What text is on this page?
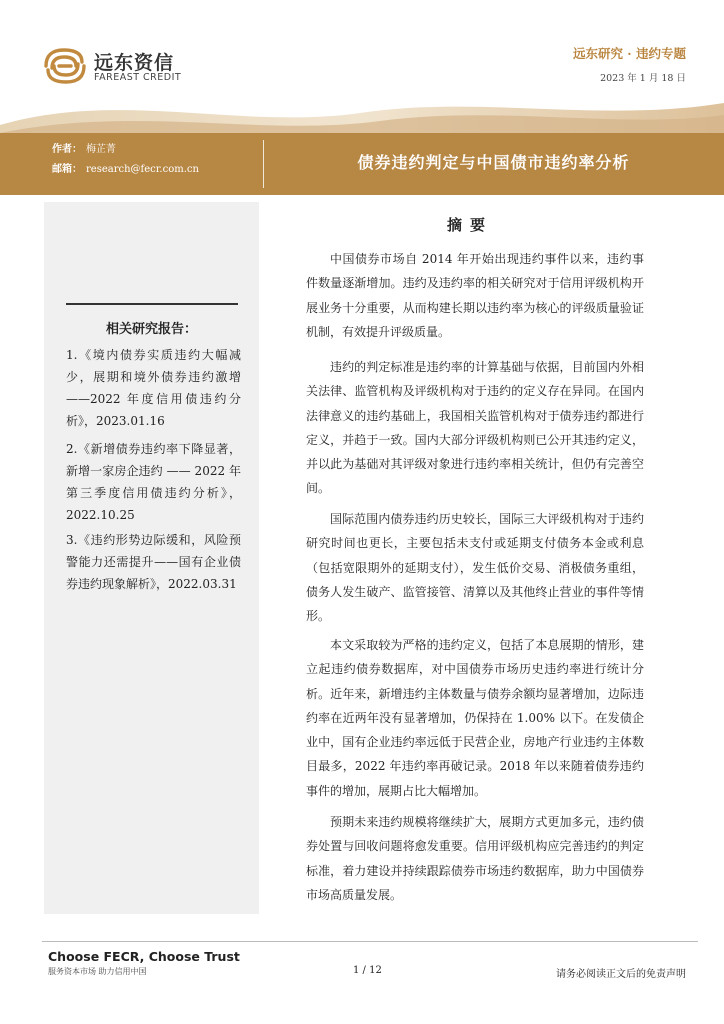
远东资信
FAREAST CREDIT
远东研究 · 违约专题
2023 年 1 月 18 日
作者： 梅芷菁
邮箱： research@fecr.com.cn	债券违约判定与中国债市违约率分析
相关研究报告：
1.《境内债券实质违约大幅减少，展期和境外债券违约激增——2022 年度信用债违约分析》，2023.01.16
2.《新增债券违约率下降显著，新增一家房企违约 —— 2022 年第三季度信用债违约分析》，2022.10.25
3.《违约形势边际缓和，风险预警能力还需提升——国有企业债券违约现象解析》，2022.03.31
摘要
中国债券市场自 2014 年开始出现违约事件以来，违约事件数量逐渐增加。违约及违约率的相关研究对于信用评级机构开展业务十分重要，从而构建长期以违约率为核心的评级质量验证机制，有效提升评级质量。
违约的判定标准是违约率的计算基础与依据，目前国内外相关法律、监管机构及评级机构对于违约的定义存在异同。在国内法律意义的违约基础上，我国相关监管机构对于债券违约都进行定义，并趋于一致。国内大部分评级机构则已公开其违约定义，并以此为基础对其评级对象进行违约率相关统计，但仍有完善空间。
国际范围内债券违约历史较长，国际三大评级机构对于违约研究时间也更长，主要包括未支付或延期支付债务本金或利息（包括宽限期外的延期支付），发生低价交易、消极债务重组，债务人发生破产、监管接管、清算以及其他终止营业的事件等情形。
本文采取较为严格的违约定义，包括了本息展期的情形，建立起违约债券数据库，对中国债券市场历史违约率进行统计分析。近年来，新增违约主体数量与债券余额均显著增加，边际违约率在近两年没有显著增加，仍保持在 1.00% 以下。在发债企业中，国有企业违约率远低于民营企业，房地产行业违约主体数目最多，2022 年违约率再破记录。2018 年以来随着债券违约事件的增加，展期占比大幅增加。
预期未来违约规模将继续扩大，展期方式更加多元，违约债券处置与回收问题将愈发重要。信用评级机构应完善违约的判定标准，着力建设并持续跟踪债券市场违约数据库，助力中国债券市场高质量发展。
Choose FECR, Choose Trust
服务资本市场 助力信用中国	1 / 12	请务必阅读正文后的免责声明
